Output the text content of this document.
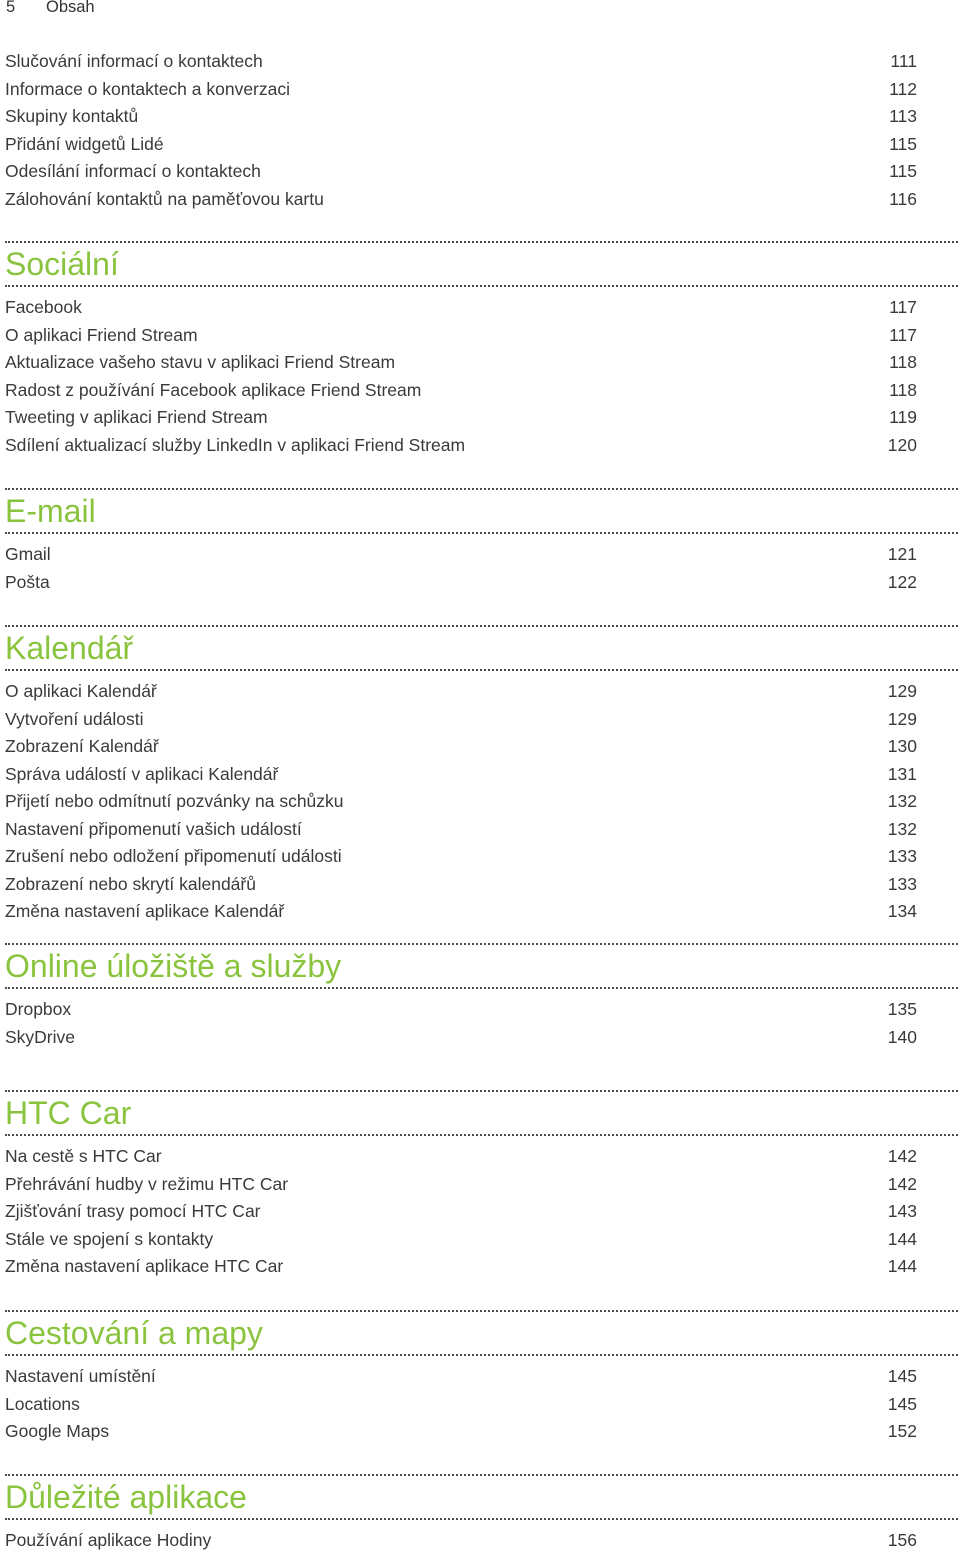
5 Obsah
Slučování informací o kontaktech	111
Informace o kontaktech a konverzaci	112
Skupiny kontaktů	113
Přidání widgetů Lidé	115
Odesílání informací o kontaktech	115
Zálohování kontaktů na paměťovou kartu	116
Sociální
Facebook	117
O aplikaci Friend Stream	117
Aktualizace vašeho stavu v aplikaci Friend Stream	118
Radost z používání Facebook aplikace Friend Stream	118
Tweeting v aplikaci Friend Stream	119
Sdílení aktualizací služby LinkedIn v aplikaci Friend Stream	120
E-mail
Gmail	121
Pošta	122
Kalendář
O aplikaci Kalendář	129
Vytvoření události	129
Zobrazení Kalendář	130
Správa událostí v aplikaci Kalendář	131
Přijetí nebo odmítnutí pozvánky na schůzku	132
Nastavení připomenutí vašich událostí	132
Zrušení nebo odložení připomenutí události	133
Zobrazení nebo skrytí kalendářů	133
Změna nastavení aplikace Kalendář	134
Online úložiště a služby
Dropbox	135
SkyDrive	140
HTC Car
Na cestě s HTC Car	142
Přehrávání hudby v režimu HTC Car	142
Zjišťování trasy pomocí HTC Car	143
Stále ve spojení s kontakty	144
Změna nastavení aplikace HTC Car	144
Cestování a mapy
Nastavení umístění	145
Locations	145
Google Maps	152
Důležité aplikace
Používání aplikace Hodiny	156
